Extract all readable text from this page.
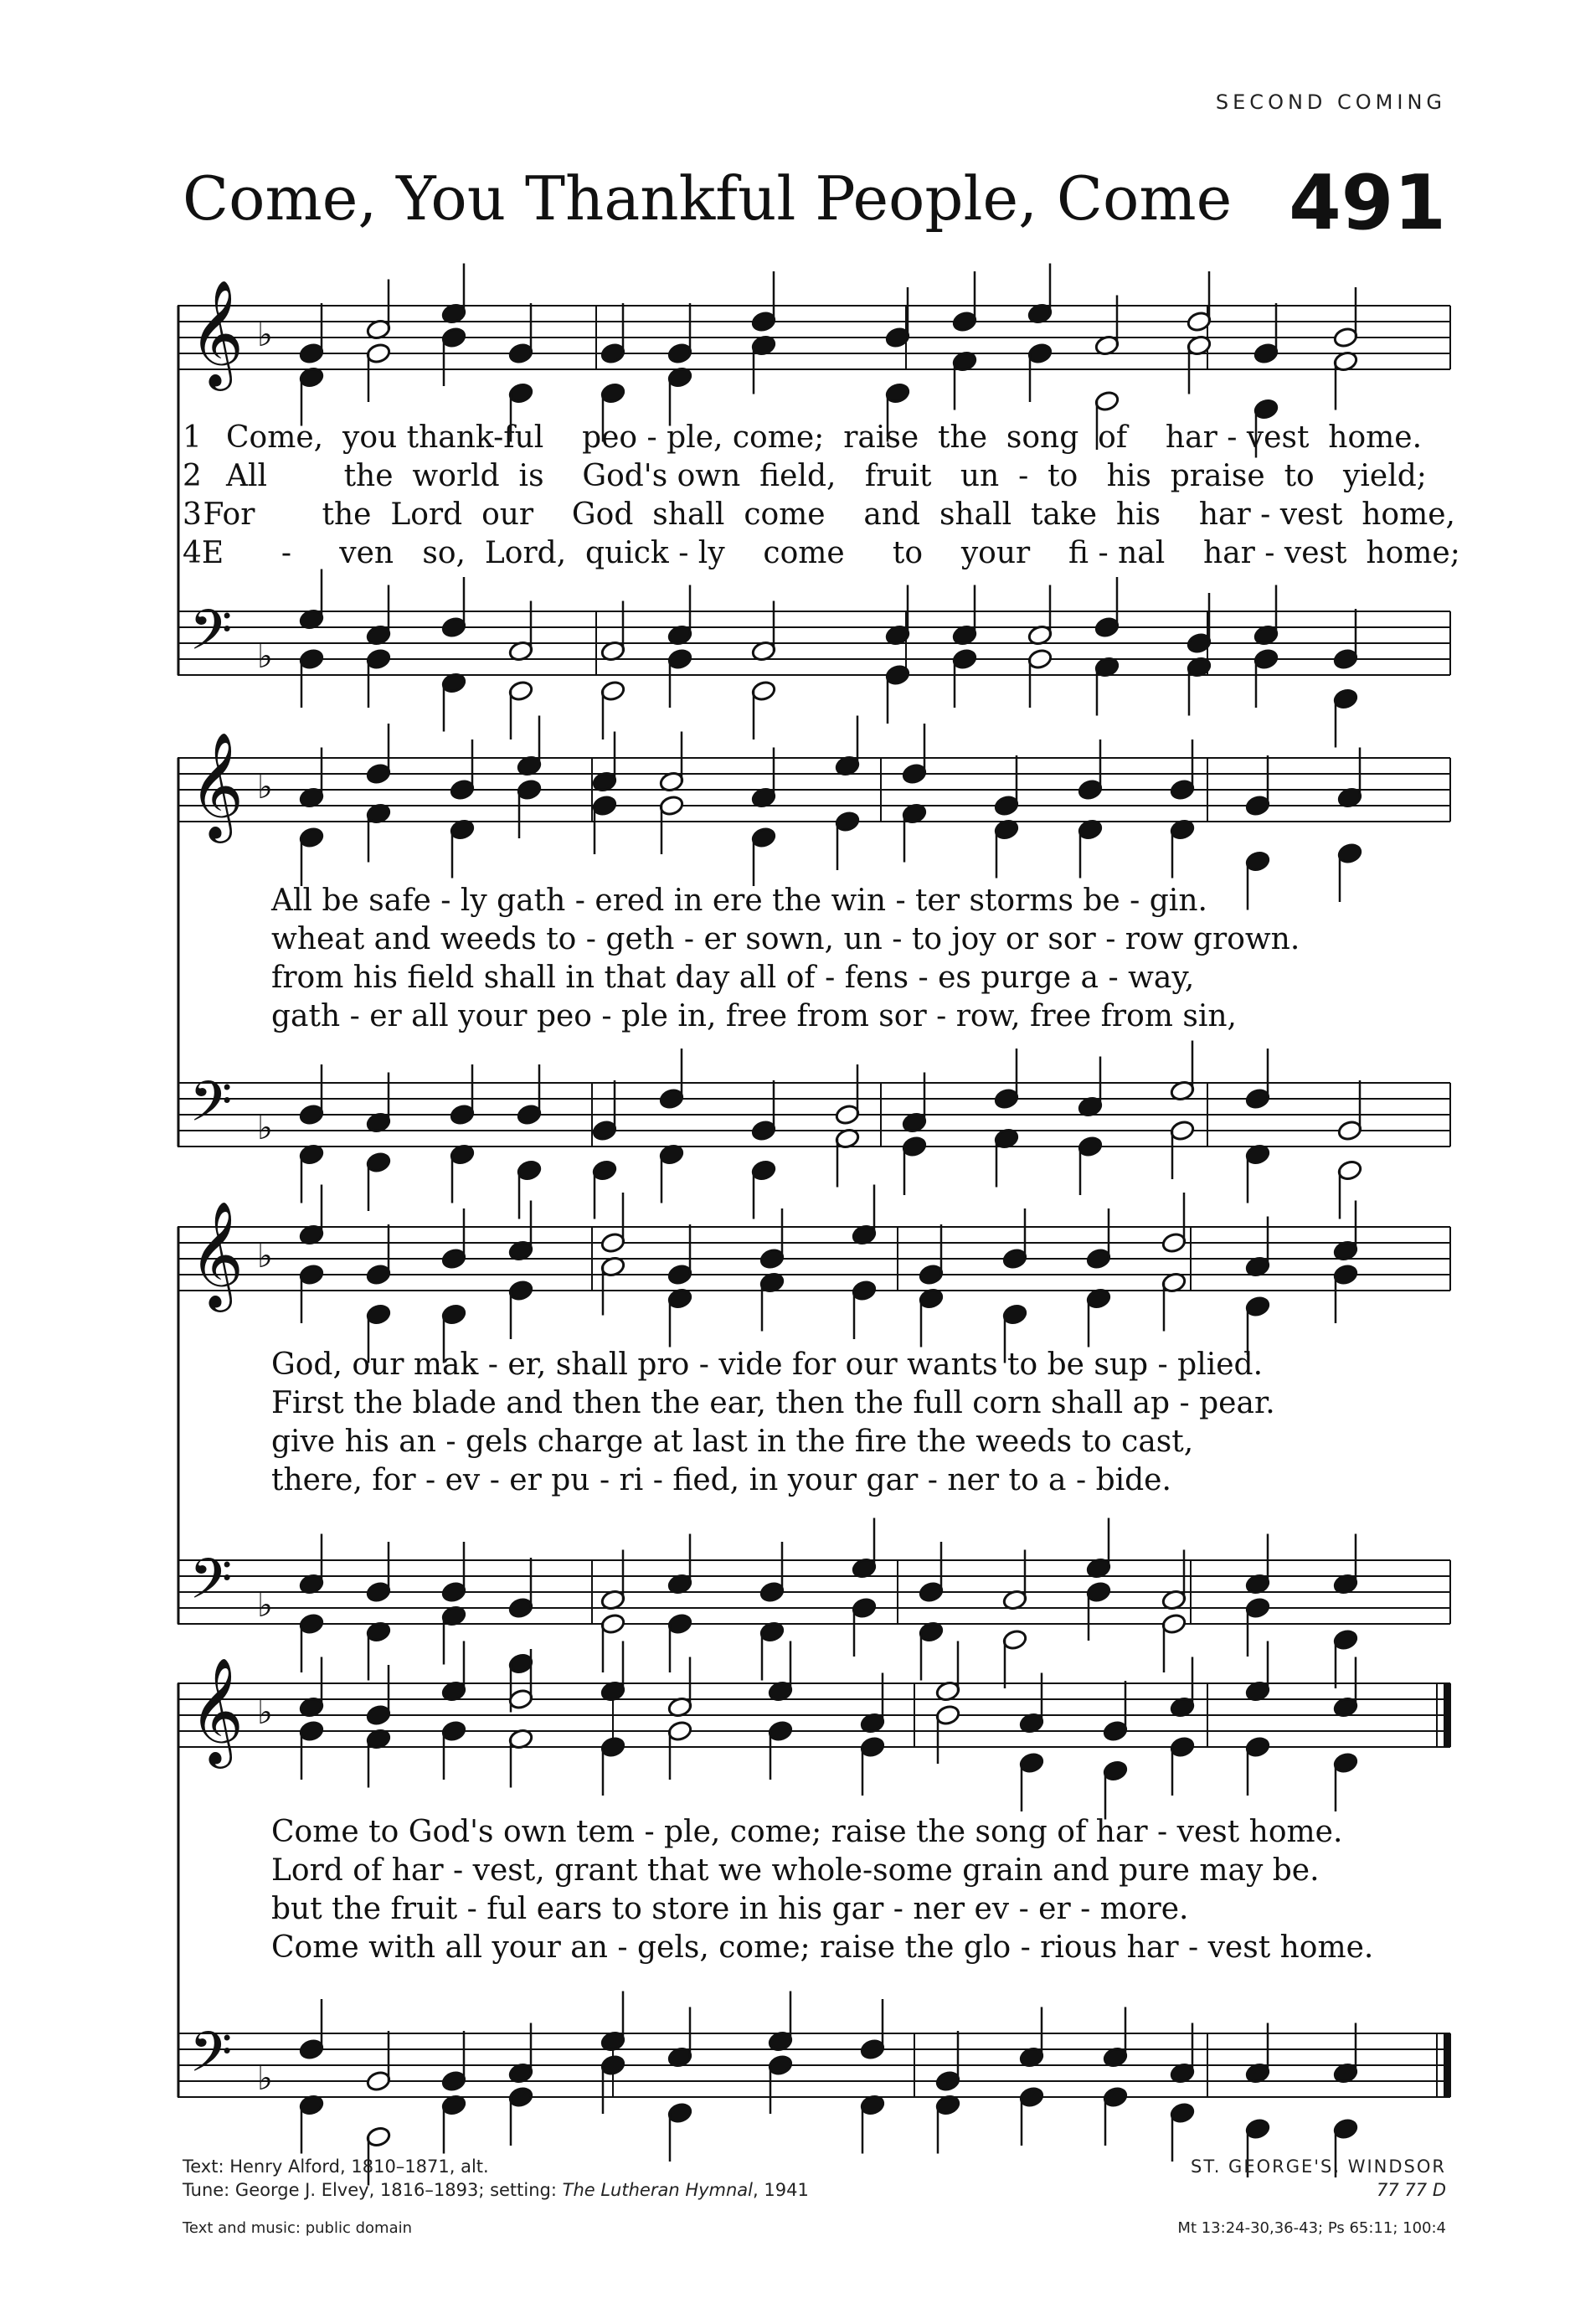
SECOND COMING
Come, You Thankful People, Come 491
𝄞 ♭
𝄢 ♭
1 Come,  you thank-ful    peo - ple, come;  raise  the  song  of    har - vest  home.
2 All        the  world  is    God's own  field,   fruit   un  -  to   his  praise  to   yield;
3 For       the  Lord  our    God  shall  come    and  shall  take  his    har - vest  home,
4 E      -     ven   so,  Lord,  quick - ly    come     to    your    fi - nal    har - vest  home;
𝄞 ♭
𝄢 ♭
All be safe - ly gath - ered in ere the win - ter storms be - gin.
wheat and weeds to - geth - er sown, un - to joy or sor - row grown.
from his field shall in that day all of - fens - es purge a - way,
gath - er all your peo - ple in, free from sor - row, free from sin,
𝄞 ♭
𝄢 ♭
God, our mak - er, shall pro - vide for our wants to be sup - plied.
First the blade and then the ear, then the full corn shall ap - pear.
give his an - gels charge at last in the fire the weeds to cast,
there, for - ev - er pu - ri - fied, in your gar - ner to a - bide.
𝄞 ♭
𝄢 ♭
Come to God's own tem - ple, come; raise the song of har - vest home.
Lord of har - vest, grant that we whole-some grain and pure may be.
but the fruit - ful ears to store in his gar - ner ev - er - more.
Come with all your an - gels, come; raise the glo - rious har - vest home.
Text: Henry Alford, 1810–1871, alt.
Tune: George J. Elvey, 1816–1893; setting: The Lutheran Hymnal, 1941
Text and music: public domain
ST. GEORGE'S, WINDSOR
77 77 D
Mt 13:24-30,36-43; Ps 65:11; 100:4
